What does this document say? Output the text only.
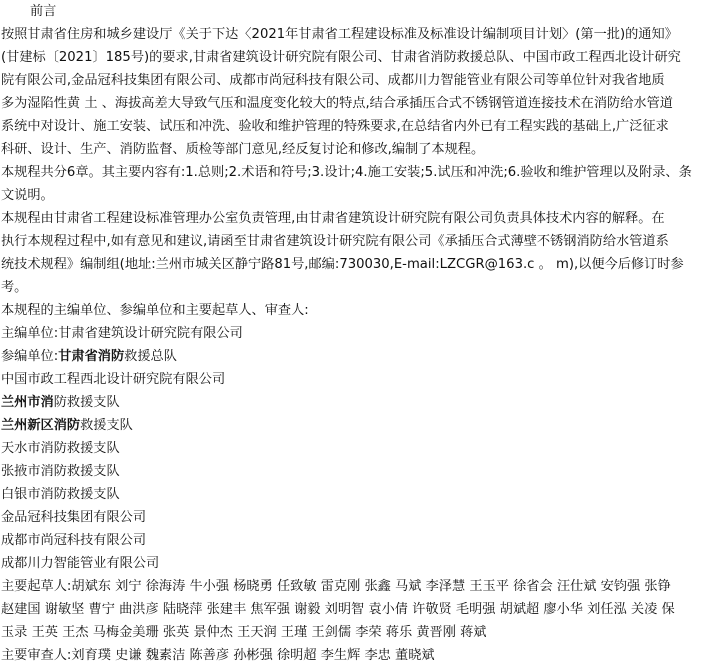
前言
按照甘肃省住房和城乡建设厅《关于下达〈2021年甘肃省工程建设标准及标准设计编制项目计划〉(第一批)的通知》
(甘建标〔2021〕185号)的要求,甘肃省建筑设计研究院有限公司、甘肃省消防救援总队、中国市政工程西北设计研究
院有限公司,金品冠科技集团有限公司、成都市尚冠科技有限公司、成都川力智能管业有限公司等单位针对我省地质
多为湿陷性黄 土 、海拔高差大导致气压和温度变化较大的特点,结合承插压合式不锈钢管道连接技术在消防给水管道
系统中对设计、施工安装、试压和冲洗、验收和维护管理的特殊要求,在总结省内外已有工程实践的基础上,广泛征求
科研、设计、生产、消防监督、质检等部门意见,经反复讨论和修改,编制了本规程。
本规程共分6章。其主要内容有:1.总则;2.术语和符号;3.设计;4.施工安装;5.试压和冲洗;6.验收和维护管理以及附录、条
文说明。
本规程由甘肃省工程建设标准管理办公室负责管理,由甘肃省建筑设计研究院有限公司负责具体技术内容的解释。在
执行本规程过程中,如有意见和建议,请函至甘肃省建筑设计研究院有限公司《承插压合式薄壁不锈钢消防给水管道系
统技术规程》编制组(地址:兰州市城关区静宁路81号,邮编:730030,E-mail:LZCGR@163.c 。 m),以便今后修订时参
考。
本规程的主编单位、参编单位和主要起草人、审查人:
主编单位:甘肃省建筑设计研究院有限公司
参编单位:甘肃省消防救援总队
中国市政工程西北设计研究院有限公司
兰州市消防救援支队
兰州新区消防救援支队
天水市消防救援支队
张掖市消防救援支队
白银市消防救援支队
金品冠科技集团有限公司
成都市尚冠科技有限公司
成都川力智能管业有限公司
主要起草人:胡斌东 刘宁 徐海涛 牛小强 杨晓勇 任致敏 雷克刚 张鑫 马斌 李泽慧 王玉平 徐省会 汪仕斌 安钧强 张铮
赵建国 谢敏坚 曹宁 曲洪彦 陆晓萍 张建丰 焦军强 谢毅 刘明智 袁小倩 许敬贤 毛明强 胡斌超 廖小华 刘任泓 关凌 保
玉录 王英 王杰 马梅金美珊 张英 景仲杰 王天润 王瑾 王剑儒 李荣 蒋乐 黄晋刚 蒋斌
主要审查人:刘育璞 史谦 魏素洁 陈善彦 孙彬强 徐明超 李生辉 李忠 董晓斌
